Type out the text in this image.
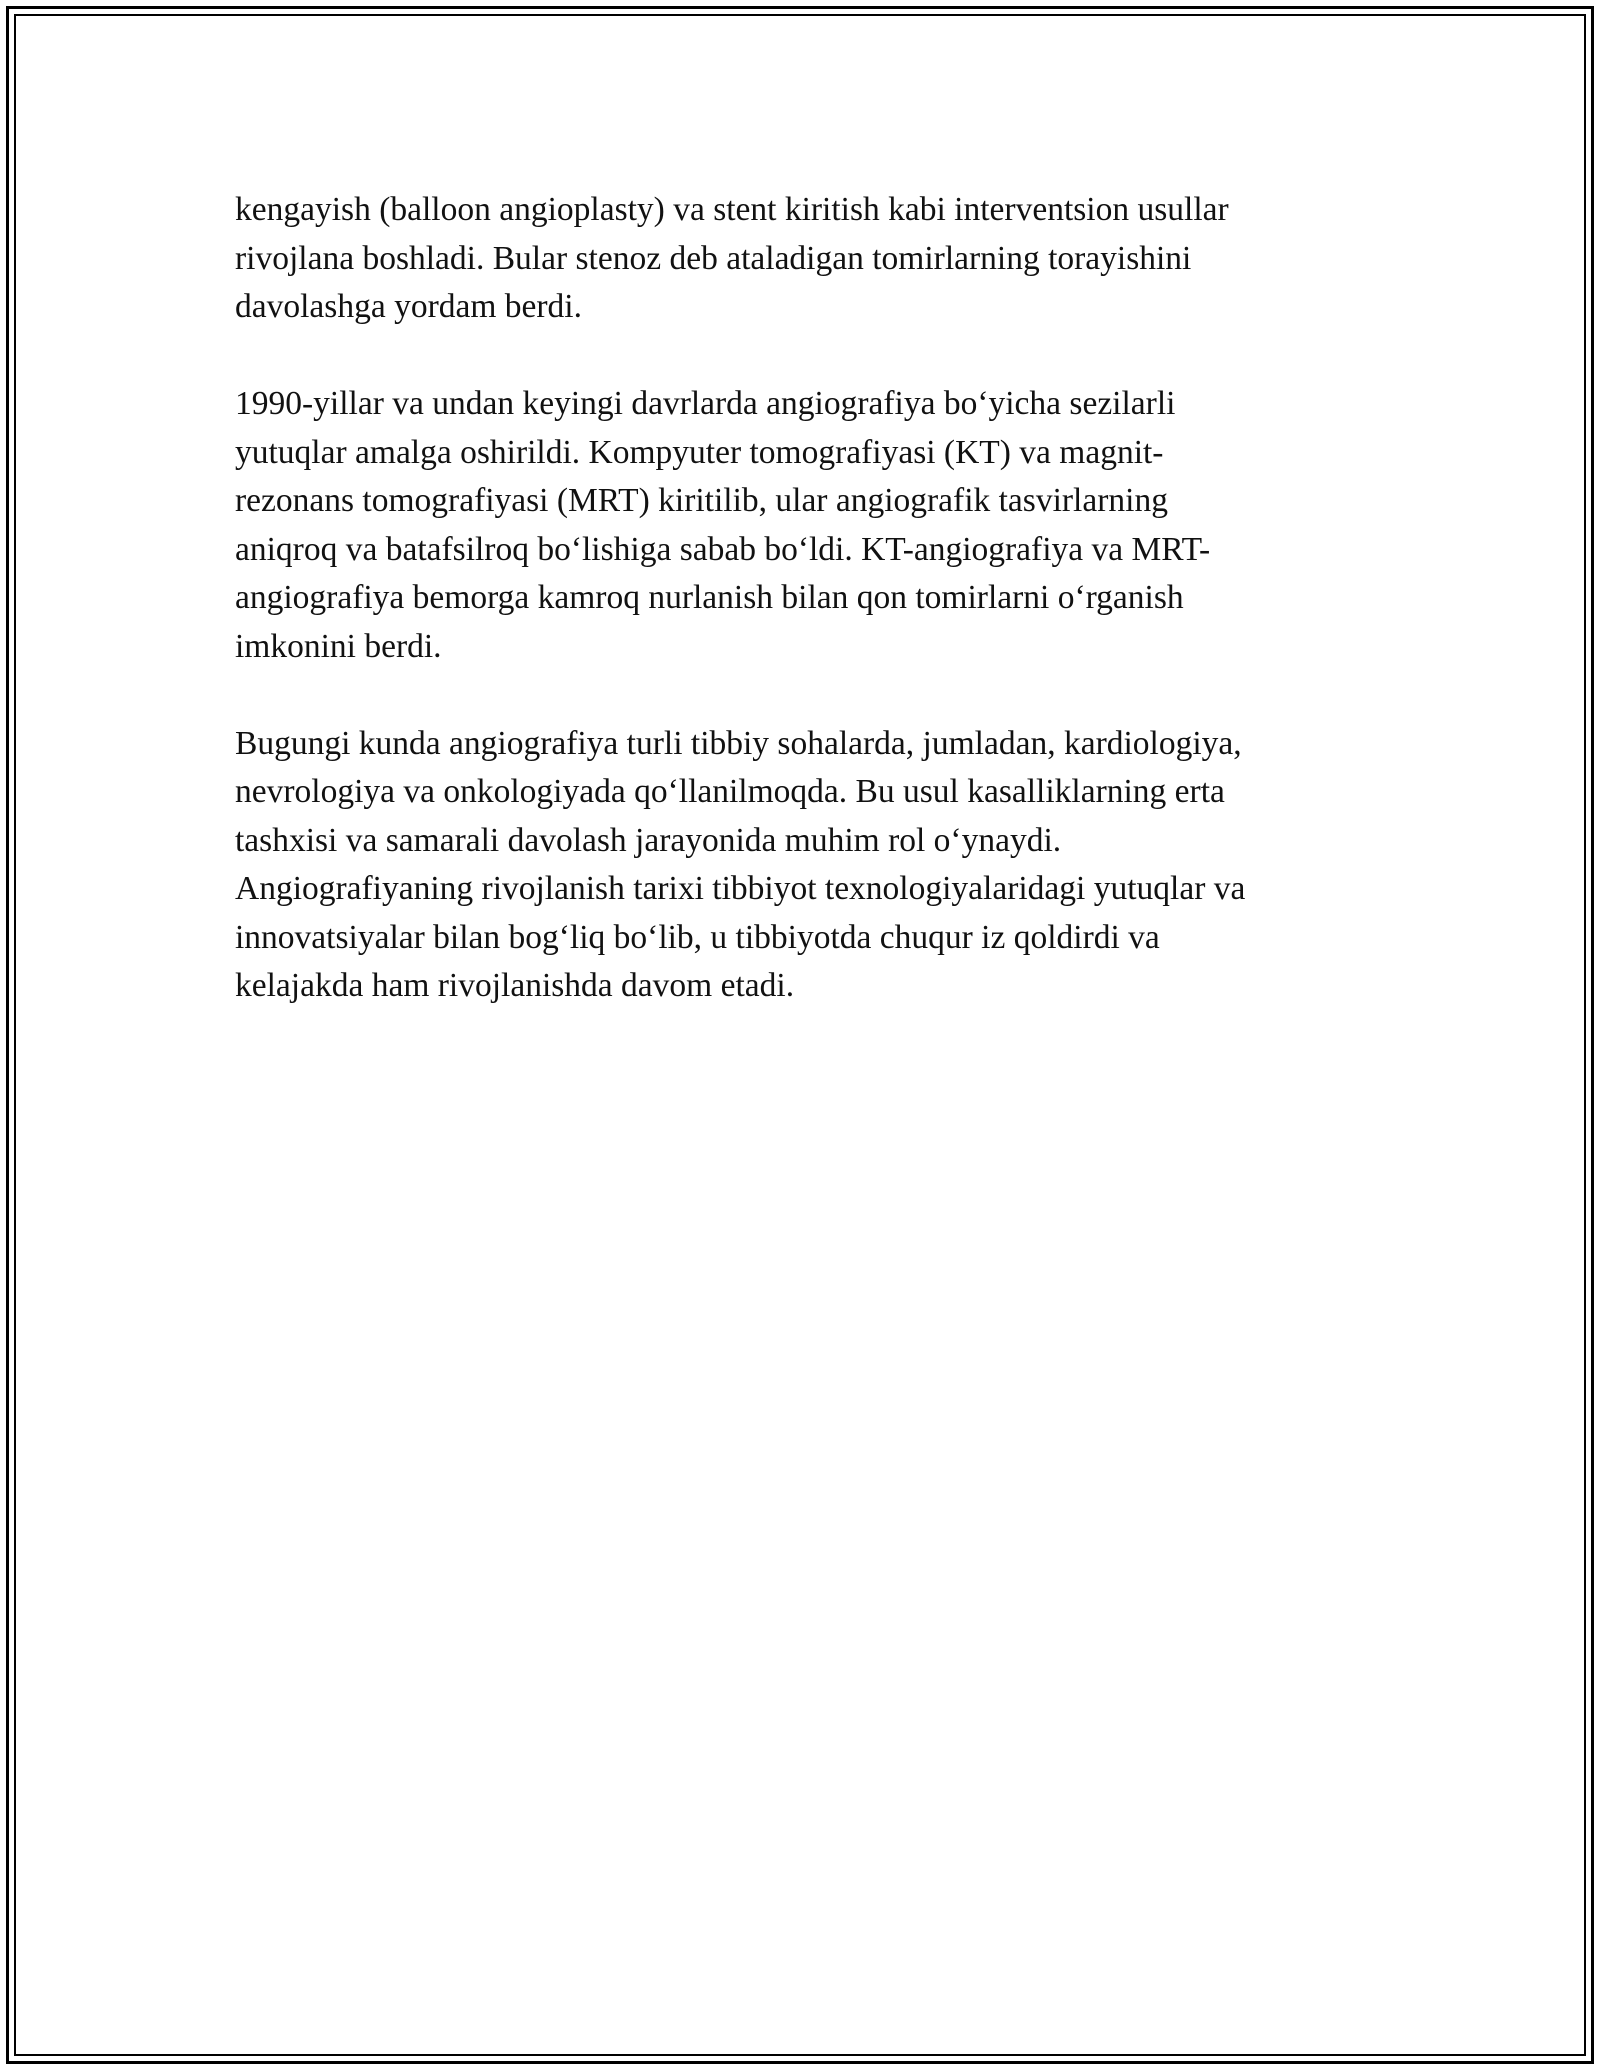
kengayish (balloon angioplasty) va stent kiritish kabi interventsion usullar
rivojlana boshladi. Bular stenoz deb ataladigan tomirlarning torayishini
davolashga yordam berdi.

1990-yillar va undan keyingi davrlarda angiografiya bo‘yicha sezilarli
yutuqlar amalga oshirildi. Kompyuter tomografiyasi (KT) va magnit-
rezonans tomografiyasi (MRT) kiritilib, ular angiografik tasvirlarning
aniqroq va batafsilroq bo‘lishiga sabab bo‘ldi. KT-angiografiya va MRT-
angiografiya bemorga kamroq nurlanish bilan qon tomirlarni o‘rganish
imkonini berdi.

Bugungi kunda angiografiya turli tibbiy sohalarda, jumladan, kardiologiya,
nevrologiya va onkologiyada qo‘llanilmoqda. Bu usul kasalliklarning erta
tashxisi va samarali davolash jarayonida muhim rol o‘ynaydi.
Angiografiyaning rivojlanish tarixi tibbiyot texnologiyalaridagi yutuqlar va
innovatsiyalar bilan bog‘liq bo‘lib, u tibbiyotda chuqur iz qoldirdi va
kelajakda ham rivojlanishda davom etadi.
